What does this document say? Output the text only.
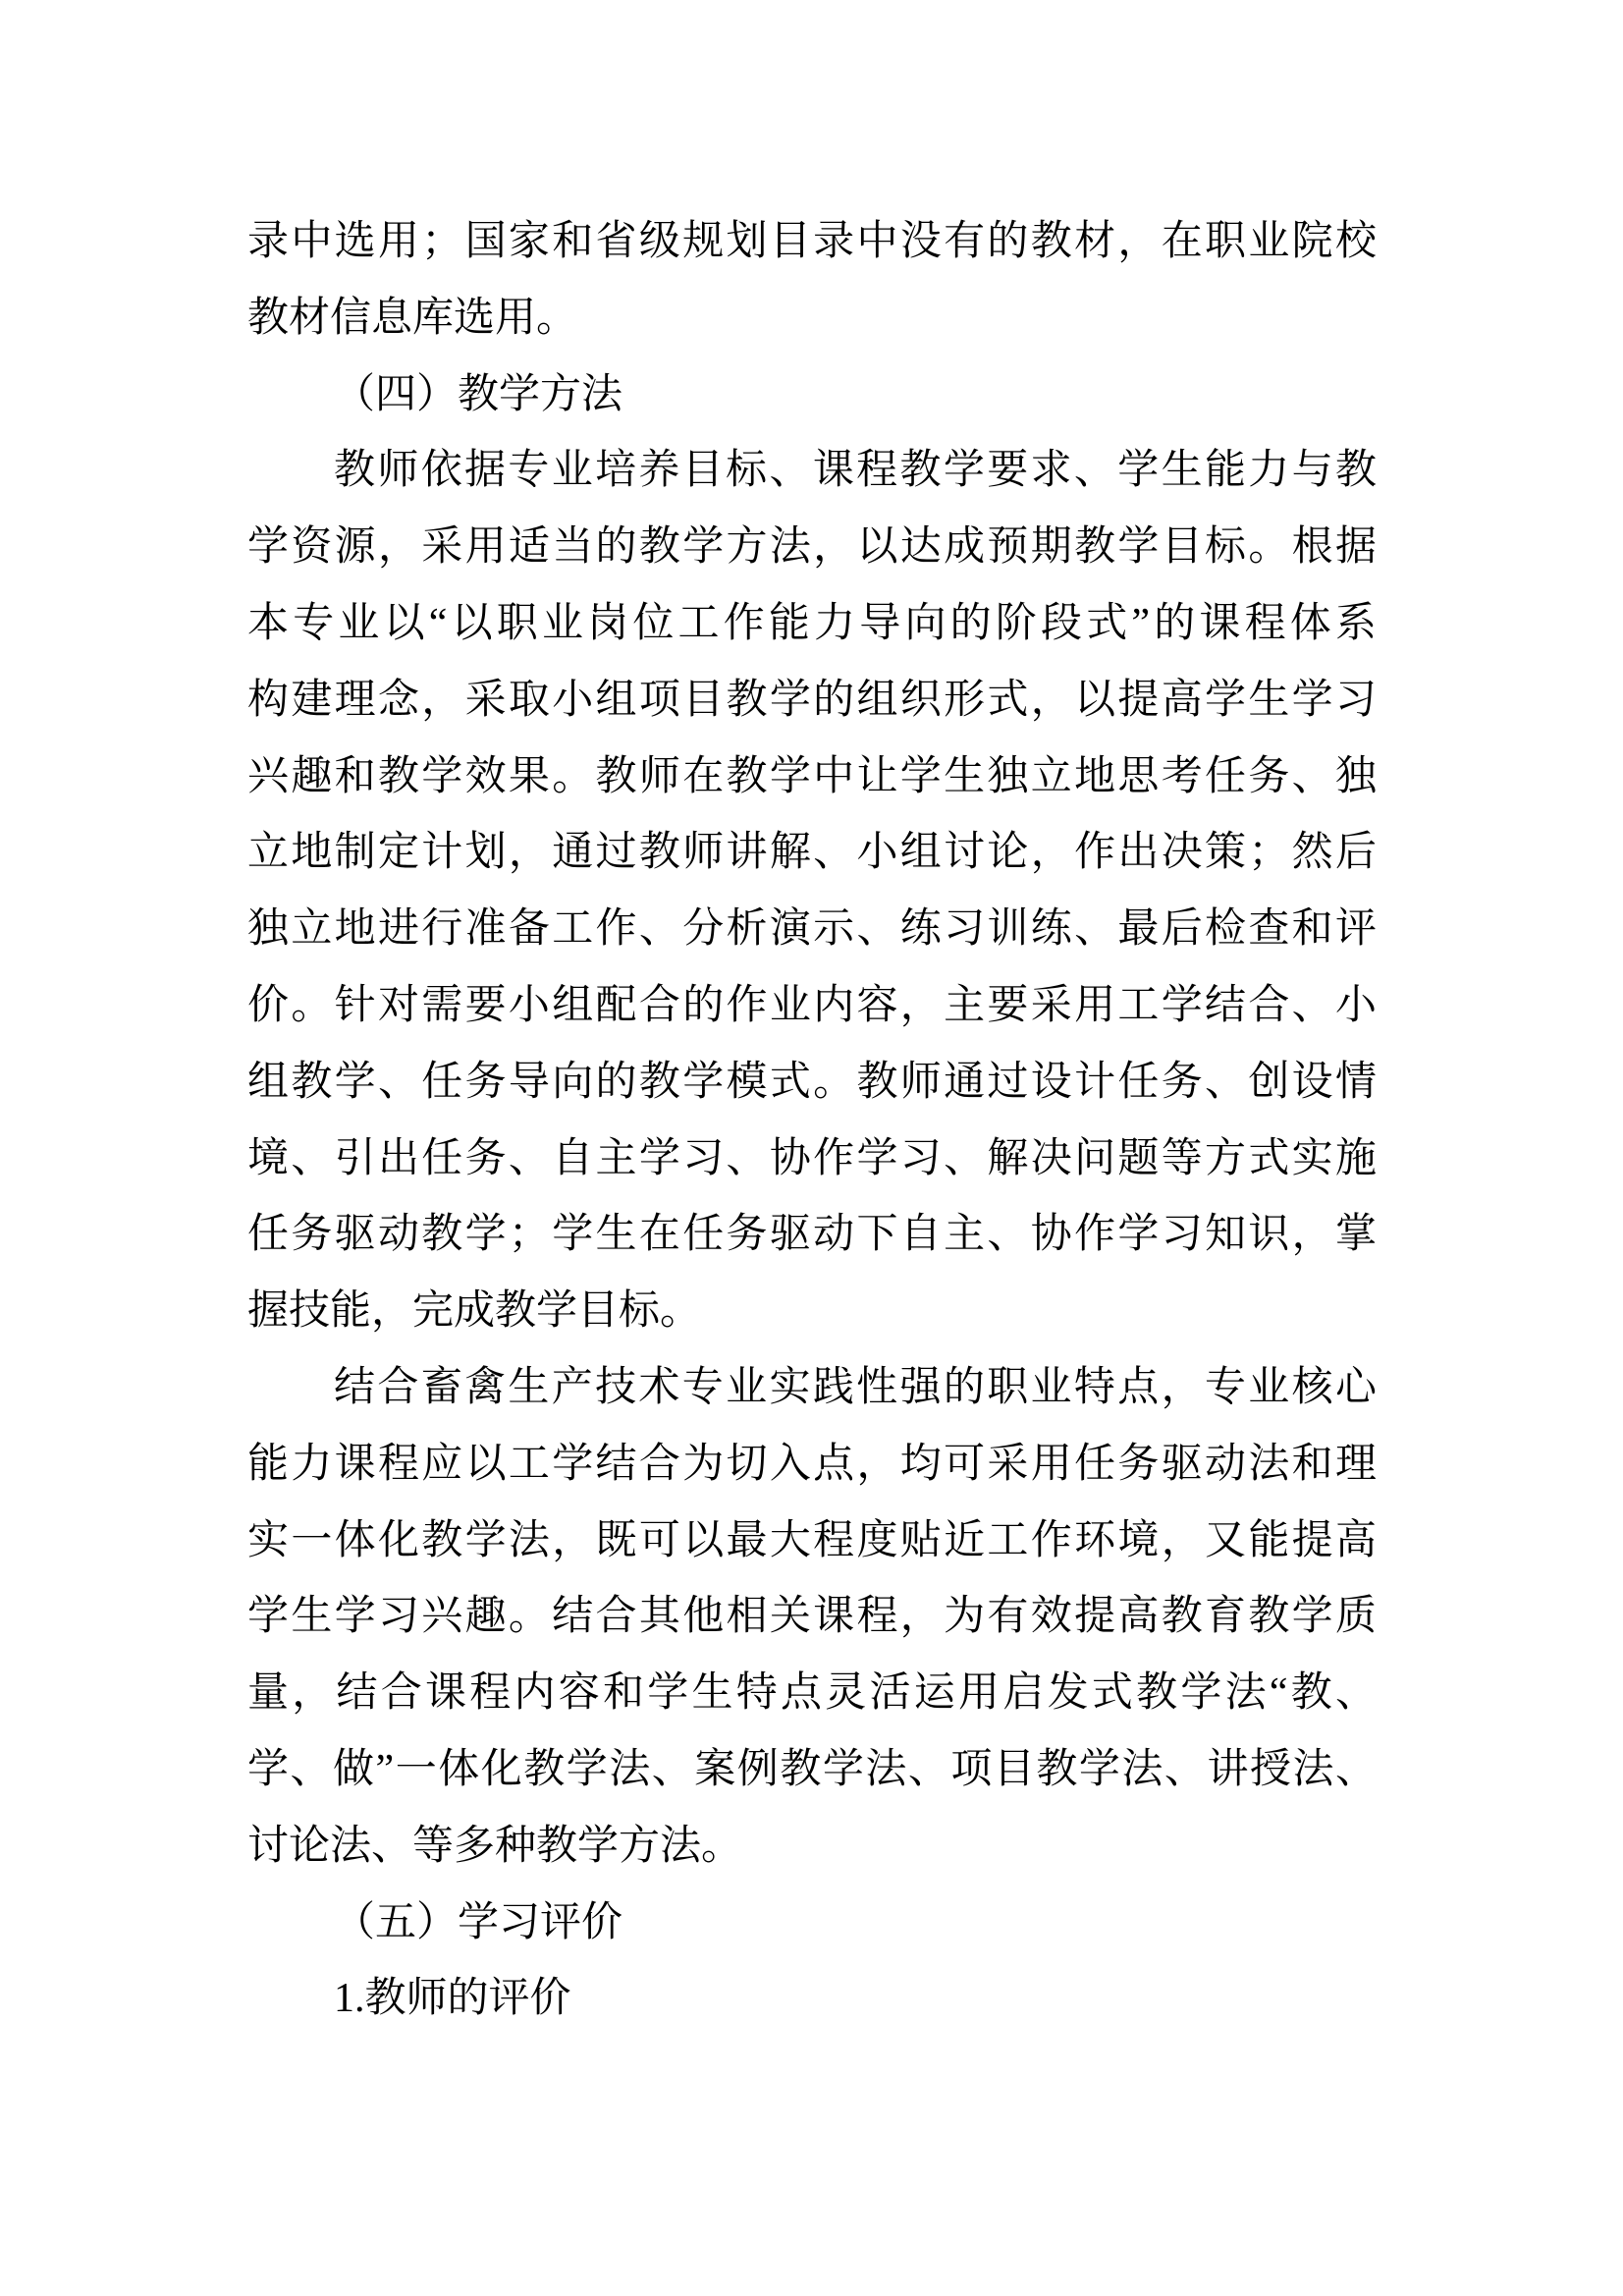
录中选用；国家和省级规划目录中没有的教材，在职业院校
教材信息库选用。
（四）教学方法
教师依据专业培养目标、课程教学要求、学生能力与教
学资源，采用适当的教学方法，以达成预期教学目标。根据
本专业以“以职业岗位工作能力导向的阶段式”的课程体系
构建理念，采取小组项目教学的组织形式，以提高学生学习
兴趣和教学效果。教师在教学中让学生独立地思考任务、独
立地制定计划，通过教师讲解、小组讨论，作出决策；然后
独立地进行准备工作、分析演示、练习训练、最后检查和评
价。针对需要小组配合的作业内容，主要采用工学结合、小
组教学、任务导向的教学模式。教师通过设计任务、创设情
境、引出任务、自主学习、协作学习、解决问题等方式实施
任务驱动教学；学生在任务驱动下自主、协作学习知识，掌
握技能，完成教学目标。
结合畜禽生产技术专业实践性强的职业特点，专业核心
能力课程应以工学结合为切入点，均可采用任务驱动法和理
实一体化教学法，既可以最大程度贴近工作环境，又能提高
学生学习兴趣。结合其他相关课程，为有效提高教育教学质
量，结合课程内容和学生特点灵活运用启发式教学法“教、
学、做”一体化教学法、案例教学法、项目教学法、讲授法、
讨论法、等多种教学方法。
（五）学习评价
1.教师的评价
